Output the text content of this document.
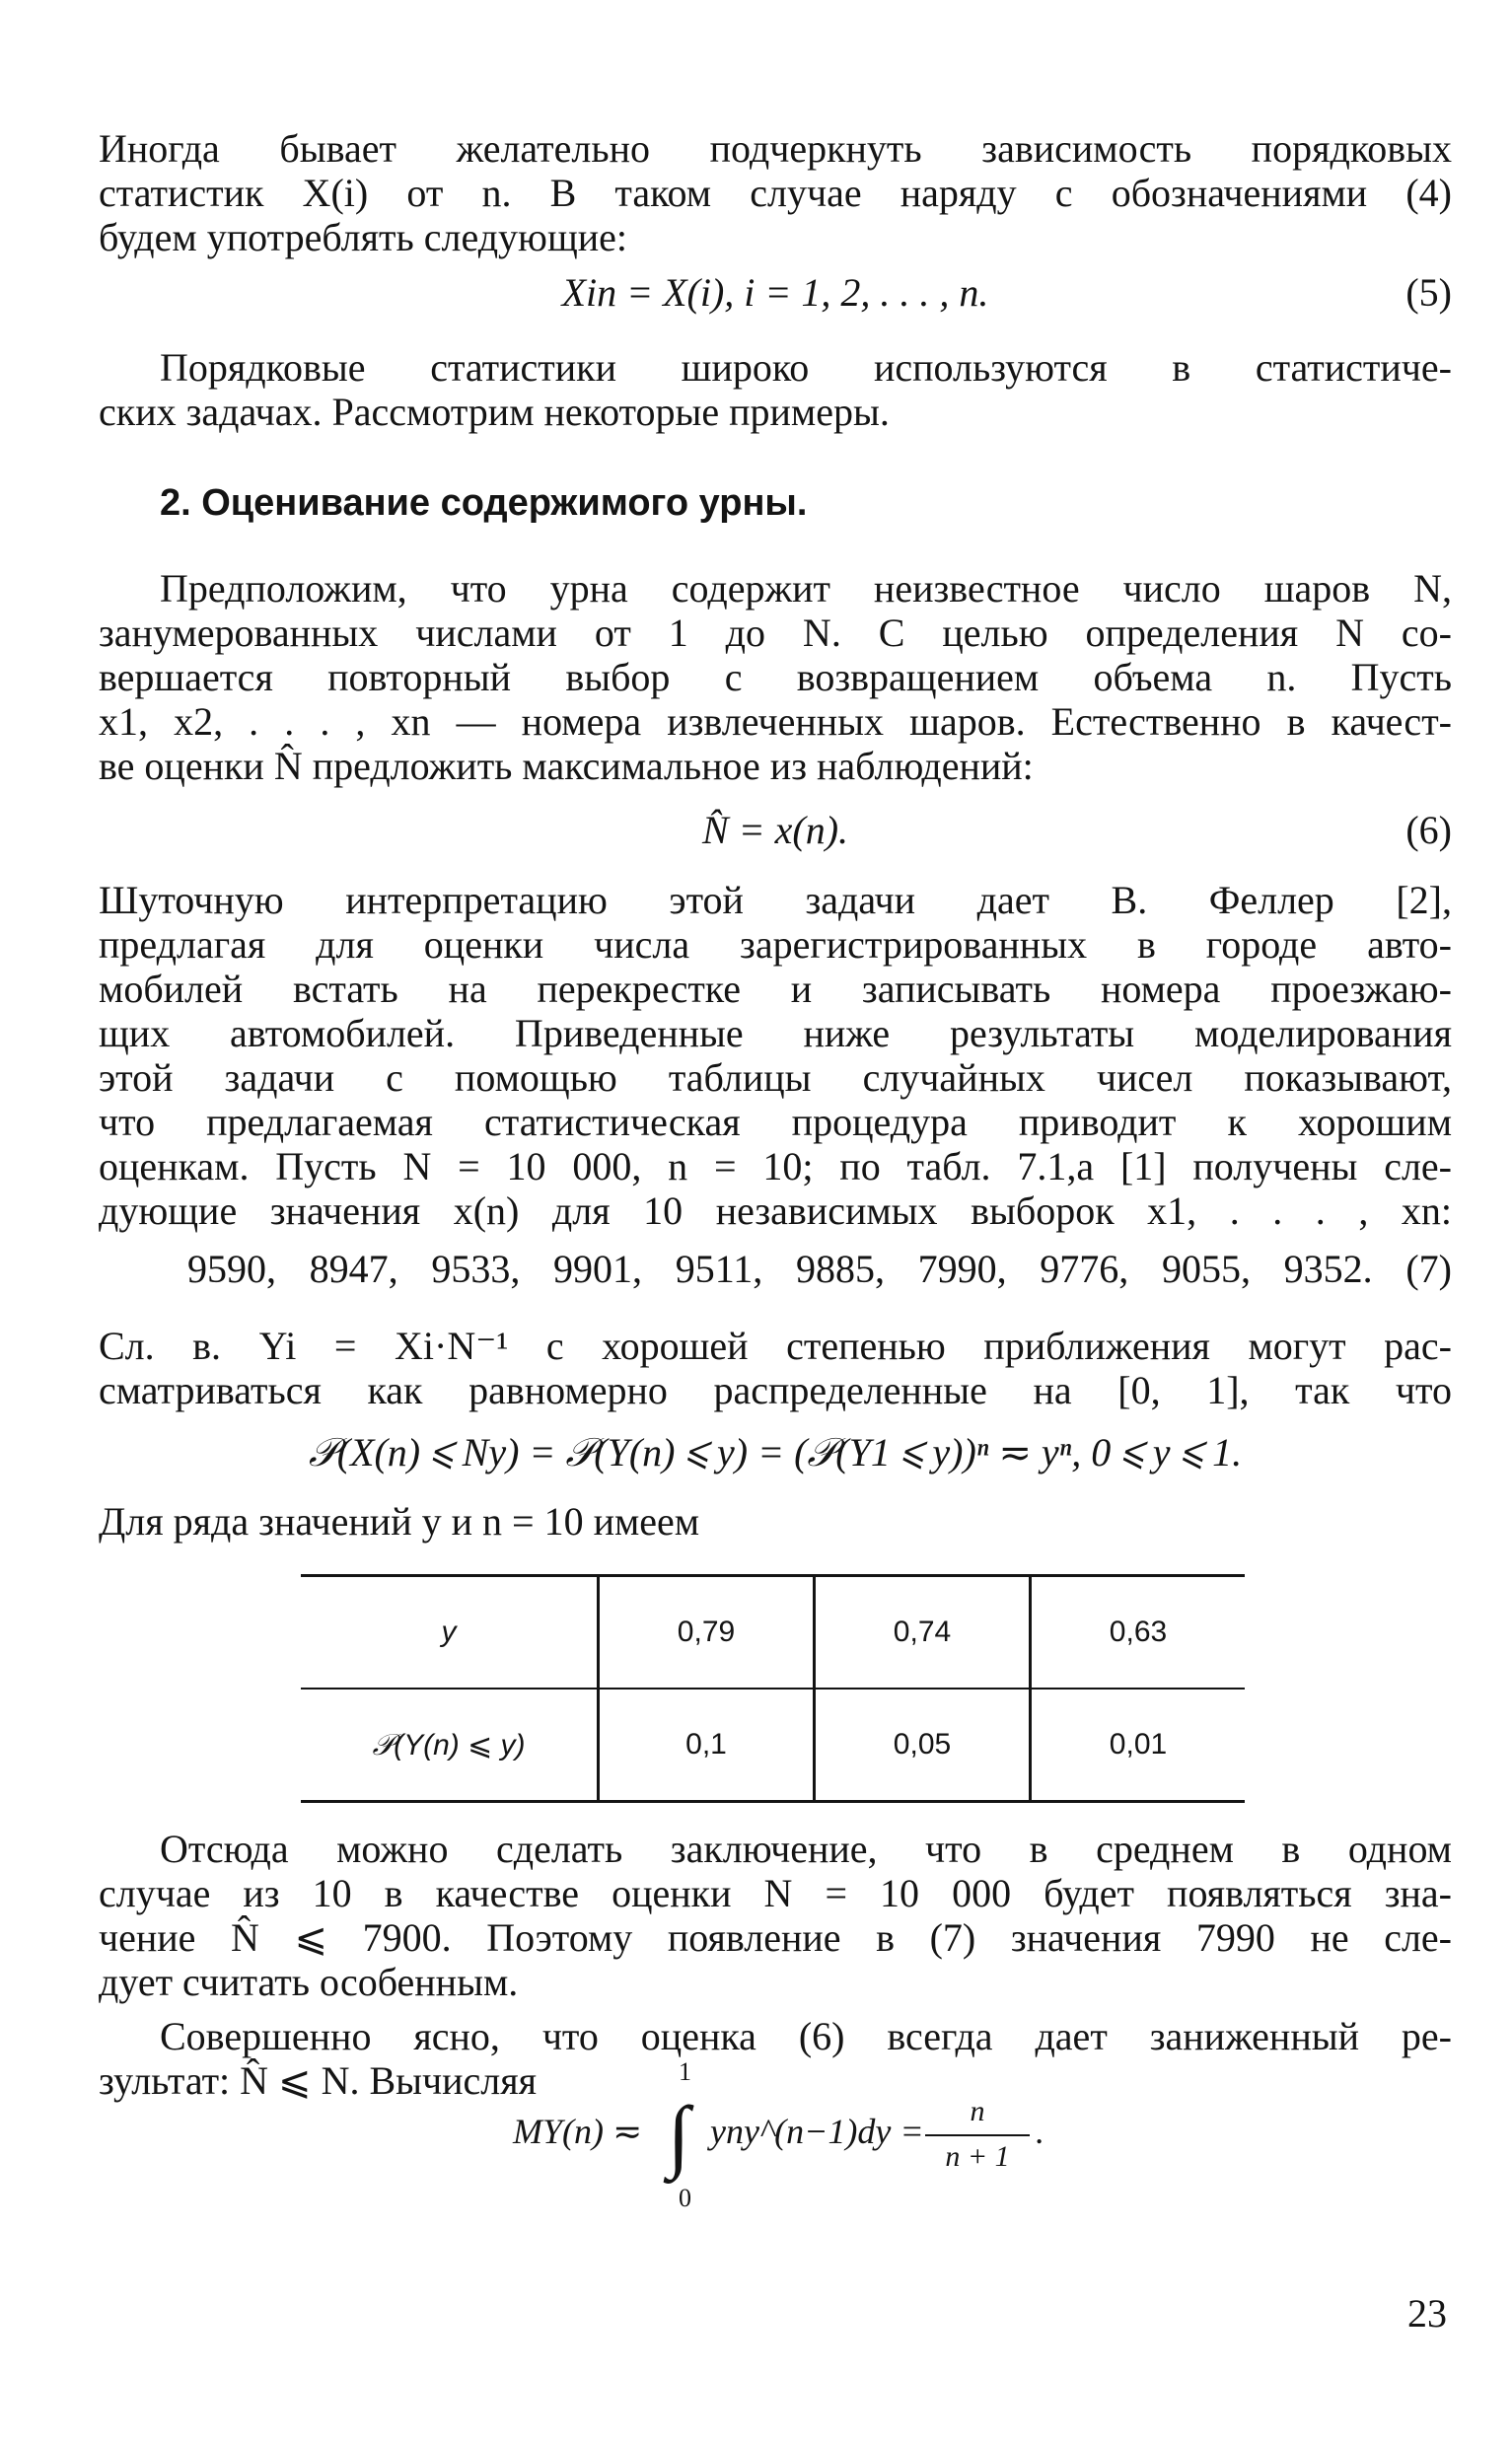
Иногда бывает желательно подчеркнуть зависимость порядковых
статистик X(i) от n. В таком случае наряду с обозначениями (4)
будем употреблять следующие:
Xin = X(i), i = 1, 2, . . . , n.	(5)
Порядковые статистики широко используются в статистиче-
ских задачах. Рассмотрим некоторые примеры.
2. Оценивание содержимого урны.
Предположим, что урна содержит неизвестное число шаров N,
занумерованных числами от 1 до N. С целью определения N со-
вершается повторный выбор с возвращением объема n. Пусть
x1, x2, . . . , xn — номера извлеченных шаров. Естественно в качест-
ве оценки N̂ предложить максимальное из наблюдений:
N̂ = x(n).	(6)
Шуточную интерпретацию этой задачи дает В. Феллер [2],
предлагая для оценки числа зарегистрированных в городе авто-
мобилей встать на перекрестке и записывать номера проезжаю-
щих автомобилей. Приведенные ниже результаты моделирования
этой задачи с помощью таблицы случайных чисел показывают,
что предлагаемая статистическая процедура приводит к хорошим
оценкам. Пусть N = 10 000, n = 10; по табл. 7.1,а [1] получены сле-
дующие значения x(n) для 10 независимых выборок x1, . . . , xn:
9590, 8947, 9533, 9901, 9511, 9885, 7990, 9776, 9055, 9352. (7)
Сл. в. Yi = Xi·N⁻¹ с хорошей степенью приближения могут рас-
сматриваться как равномерно распределенные на [0, 1], так что
𝒫(X(n) ⩽ Ny) = 𝒫(Y(n) ⩽ y) = (𝒫(Y1 ⩽ y))ⁿ ≂ yⁿ, 0 ⩽ y ⩽ 1.
Для ряда значений y и n = 10 имеем
y	0,79	0,74	0,63
𝒫(Y(n) ⩽ y)	0,1	0,05	0,01
Отсюда можно сделать заключение, что в среднем в одном
случае из 10 в качестве оценки N = 10 000 будет появляться зна-
чение N̂ ⩽ 7900. Поэтому появление в (7) значения 7990 не сле-
дует считать особенным.
Совершенно ясно, что оценка (6) всегда дает заниженный ре-
зультат: N̂ ⩽ N. Вычисляя
MY(n) ≂ ∫
1
0
yny^(n−1)dy =
n
n + 1
.
23
